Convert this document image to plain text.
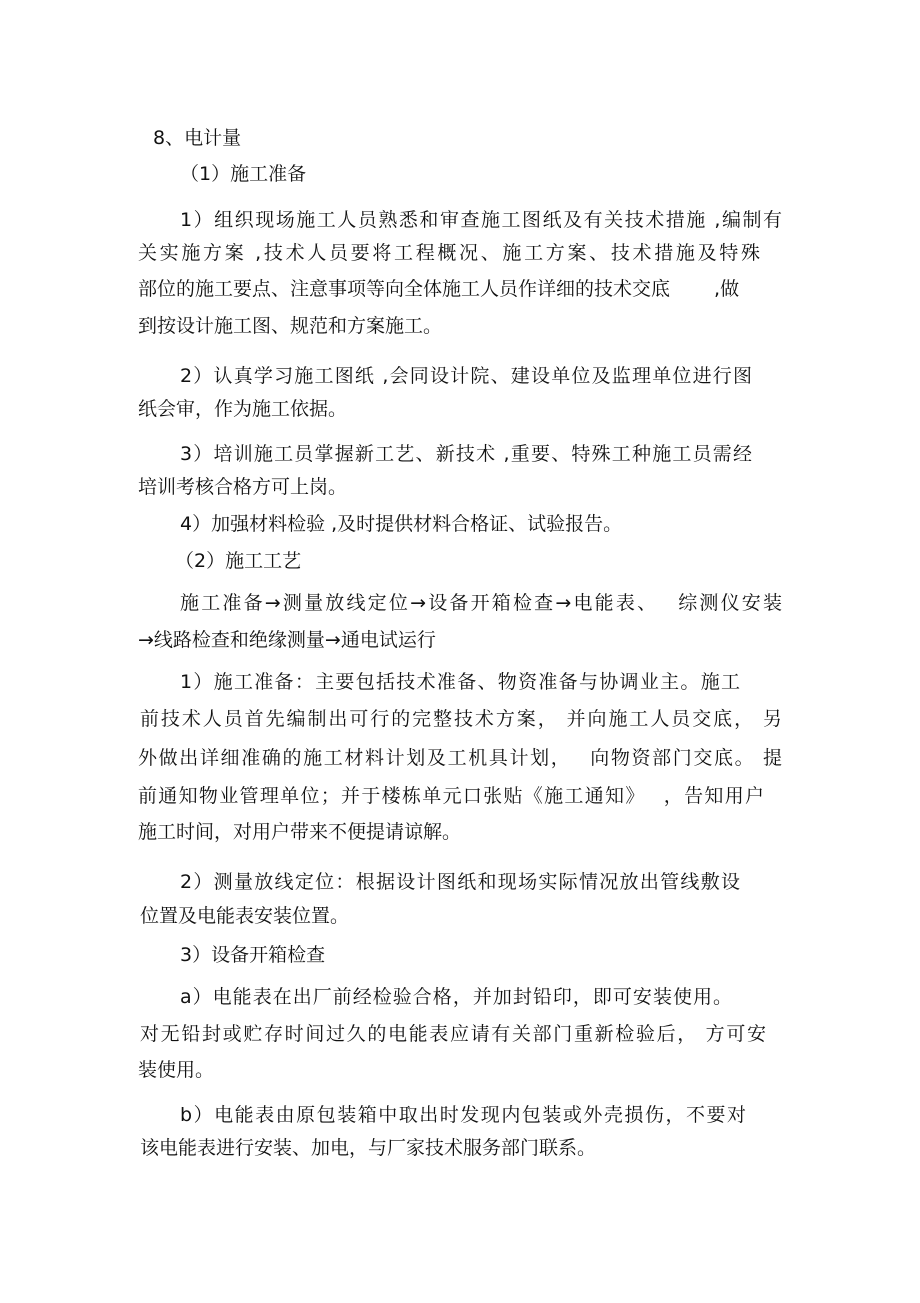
8、电计量
（1）施工准备
1）组织现场施工人员熟悉和审查施工图纸及有关技术措施 ,编制有
关实施方案 ,技术人员要将工程概况、施工方案、技术措施及特殊
部位的施工要点、注意事项等向全体施工人员作详细的技术交底　　 ,做
到按设计施工图、规范和方案施工。
2）认真学习施工图纸 ,会同设计院、建设单位及监理单位进行图
纸会审，作为施工依据。
3）培训施工员掌握新工艺、新技术 ,重要、特殊工种施工员需经
培训考核合格方可上岗。
4）加强材料检验 ,及时提供材料合格证、试验报告。
（2）施工工艺
施工准备→测量放线定位→设备开箱检查→电能表、　 综测仪安装
→线路检查和绝缘测量→通电试运行
1）施工准备：主要包括技术准备、物资准备与协调业主。施工
前技术人员首先编制出可行的完整技术方案， 并向施工人员交底， 另
外做出详细准确的施工材料计划及工机具计划，　 向物资部门交底。 提
前通知物业管理单位；并于楼栋单元口张贴《施工通知》　 ，告知用户
施工时间，对用户带来不便提请谅解。
2）测量放线定位：根据设计图纸和现场实际情况放出管线敷设
位置及电能表安装位置。
3）设备开箱检查
a）电能表在出厂前经检验合格，并加封铅印，即可安装使用。
对无铅封或贮存时间过久的电能表应请有关部门重新检验后， 方可安
装使用。
b）电能表由原包装箱中取出时发现内包装或外壳损伤，不要对
该电能表进行安装、加电，与厂家技术服务部门联系。
